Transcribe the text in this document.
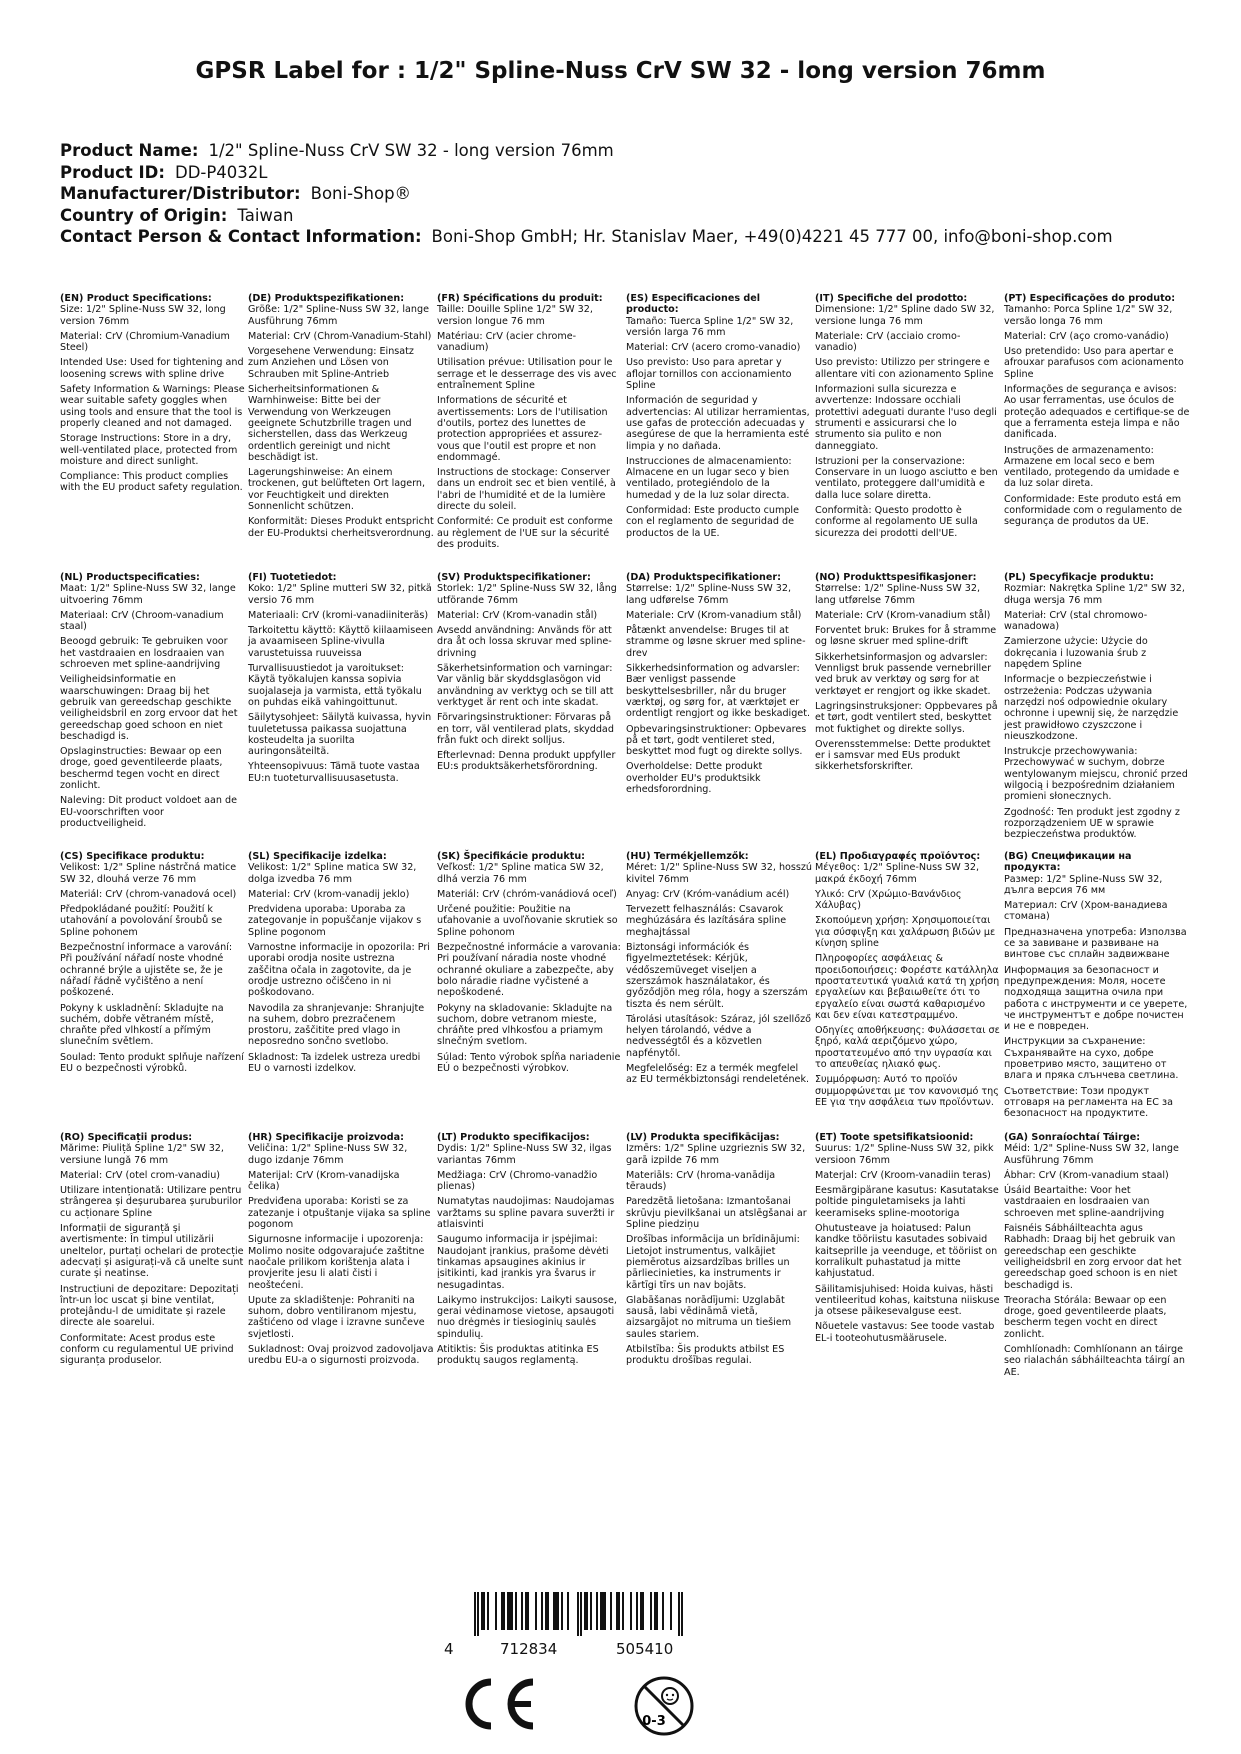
GPSR Label for : 1/2" Spline-Nuss CrV SW 32 - long version 76mm
Product Name: 1/2" Spline-Nuss CrV SW 32 - long version 76mm
Product ID: DD-P4032L
Manufacturer/Distributor: Boni-Shop®
Country of Origin: Taiwan
Contact Person & Contact Information: Boni-Shop GmbH; Hr. Stanislav Maer, +49(0)4221 45 777 00, info@boni-shop.com

(EN) Product Specifications:

Size: 1/2" Spline-Nuss SW 32, long version 76mm

Material: CrV (Chromium-Vanadium Steel)

Intended Use: Used for tightening and loosening screws with spline drive

Safety Information & Warnings: Please wear suitable safety goggles when using tools and ensure that the tool is properly cleaned and not damaged.

Storage Instructions: Store in a dry, well-ventilated place, protected from moisture and direct sunlight.

Compliance: This product complies with the EU product safety regulation.

(DE) Produktspezifikationen:

Größe: 1/2" Spline-Nuss SW 32, lange Ausführung 76mm

Material: CrV (Chrom-Vanadium-Stahl)

Vorgesehene Verwendung: Einsatz zum Anziehen und Lösen von Schrauben mit Spline-Antrieb

Sicherheitsinformationen & Warnhinweise: Bitte bei der Verwendung von Werkzeugen geeignete Schutzbrille tragen und sicherstellen, dass das Werkzeug ordentlich gereinigt und nicht beschädigt ist.

Lagerungshinweise: An einem trockenen, gut belüfteten Ort lagern, vor Feuchtigkeit und direkten Sonnenlicht schützen.

Konformität: Dieses Produkt entspricht der EU-Produktsi cherheitsverordnung.

(FR) Spécifications du produit:

Taille: Douille Spline 1/2" SW 32, version longue 76 mm

Matériau: CrV (acier chrome-vanadium)

Utilisation prévue: Utilisation pour le serrage et le desserrage des vis avec entraînement Spline

Informations de sécurité et avertissements: Lors de l'utilisation d'outils, portez des lunettes de protection appropriées et assurez-vous que l'outil est propre et non endommagé.

Instructions de stockage: Conserver dans un endroit sec et bien ventilé, à l'abri de l'humidité et de la lumière directe du soleil.

Conformité: Ce produit est conforme au règlement de l'UE sur la sécurité des produits.

(ES) Especificaciones del producto:

Tamaño: Tuerca Spline 1/2" SW 32, versión larga 76 mm

Material: CrV (acero cromo-vanadio)

Uso previsto: Uso para apretar y aflojar tornillos con accionamiento Spline

Información de seguridad y advertencias: Al utilizar herramientas, use gafas de protección adecuadas y asegúrese de que la herramienta esté limpia y no dañada.

Instrucciones de almacenamiento: Almacene en un lugar seco y bien ventilado, protegiéndolo de la humedad y de la luz solar directa.

Conformidad: Este producto cumple con el reglamento de seguridad de productos de la UE.

(IT) Specifiche del prodotto:

Dimensione: 1/2" Spline dado SW 32, versione lunga 76 mm

Materiale: CrV (acciaio cromo-vanadio)

Uso previsto: Utilizzo per stringere e allentare viti con azionamento Spline

Informazioni sulla sicurezza e avvertenze: Indossare occhiali protettivi adeguati durante l'uso degli strumenti e assicurarsi che lo strumento sia pulito e non danneggiato.

Istruzioni per la conservazione: Conservare in un luogo asciutto e ben ventilato, proteggere dall'umidità e dalla luce solare diretta.

Conformità: Questo prodotto è conforme al regolamento UE sulla sicurezza dei prodotti dell'UE.

(PT) Especificações do produto:

Tamanho: Porca Spline 1/2" SW 32, versão longa 76 mm

Material: CrV (aço cromo-vanádio)

Uso pretendido: Uso para apertar e afrouxar parafusos com acionamento Spline

Informações de segurança e avisos: Ao usar ferramentas, use óculos de proteção adequados e certifique-se de que a ferramenta esteja limpa e não danificada.

Instruções de armazenamento: Armazene em local seco e bem ventilado, protegendo da umidade e da luz solar direta.

Conformidade: Este produto está em conformidade com o regulamento de segurança de produtos da UE.

(NL) Productspecificaties:

Maat: 1/2" Spline-Nuss SW 32, lange uitvoering 76mm

Materiaal: CrV (Chroom-vanadium staal)

Beoogd gebruik: Te gebruiken voor het vastdraaien en losdraaien van schroeven met spline-aandrijving

Veiligheidsinformatie en waarschuwingen: Draag bij het gebruik van gereedschap geschikte veiligheidsbril en zorg ervoor dat het gereedschap goed schoon en niet beschadigd is.

Opslaginstructies: Bewaar op een droge, goed geventileerde plaats, beschermd tegen vocht en direct zonlicht.

Naleving: Dit product voldoet aan de EU-voorschriften voor productveiligheid.

(FI) Tuotetiedot:

Koko: 1/2" Spline mutteri SW 32, pitkä versio 76 mm

Materiaali: CrV (kromi-vanadiiniteräs)

Tarkoitettu käyttö: Käyttö kiilaamiseen ja avaamiseen Spline-vivulla varustetuissa ruuveissa

Turvallisuustiedot ja varoitukset: Käytä työkalujen kanssa sopivia suojalaseja ja varmista, että työkalu on puhdas eikä vahingoittunut.

Säilytysohjeet: Säilytä kuivassa, hyvin tuuletetussa paikassa suojattuna kosteudelta ja suorilta auringonsäteiltä.

Yhteensopivuus: Tämä tuote vastaa EU:n tuoteturvallisuusasetusta.

(SV) Produktspecifikationer:

Storlek: 1/2" Spline-Nuss SW 32, lång utförande 76mm

Material: CrV (Krom-vanadin stål)

Avsedd användning: Används för att dra åt och lossa skruvar med spline-drivning

Säkerhetsinformation och varningar: Var vänlig bär skyddsglasögon vid användning av verktyg och se till att verktyget är rent och inte skadat.

Förvaringsinstruktioner: Förvaras på en torr, väl ventilerad plats, skyddad från fukt och direkt solljus.

Efterlevnad: Denna produkt uppfyller EU:s produktsäkerhetsförordning.

(DA) Produktspecifikationer:

Størrelse: 1/2" Spline-Nuss SW 32, lang udførelse 76mm

Materiale: CrV (Krom-vanadium stål)

Påtænkt anvendelse: Bruges til at stramme og løsne skruer med spline-drev

Sikkerhedsinformation og advarsler: Bær venligst passende beskyttelsesbriller, når du bruger værktøj, og sørg for, at værktøjet er ordentligt rengjort og ikke beskadiget.

Opbevaringsinstruktioner: Opbevares på et tørt, godt ventileret sted, beskyttet mod fugt og direkte sollys.

Overholdelse: Dette produkt overholder EU's produktsikk erhedsforordning.

(NO) Produkttspesifikasjoner:

Størrelse: 1/2" Spline-Nuss SW 32, lang utførelse 76mm

Materiale: CrV (Krom-vanadium stål)

Forventet bruk: Brukes for å stramme og løsne skruer med spline-drift

Sikkerhetsinformasjon og advarsler: Vennligst bruk passende vernebriller ved bruk av verktøy og sørg for at verktøyet er rengjort og ikke skadet.

Lagringsinstruksjoner: Oppbevares på et tørt, godt ventilert sted, beskyttet mot fuktighet og direkte sollys.

Overensstemmelse: Dette produktet er i samsvar med EUs produkt sikkerhetsforskrifter.

(PL) Specyfikacje produktu:

Rozmiar: Nakrętka Spline 1/2" SW 32, długa wersja 76 mm

Materiał: CrV (stal chromowo-wanadowa)

Zamierzone użycie: Użycie do dokręcania i luzowania śrub z napędem Spline

Informacje o bezpieczeństwie i ostrzeżenia: Podczas używania narzędzi noś odpowiednie okulary ochronne i upewnij się, że narzędzie jest prawidłowo czyszczone i nieuszkodzone.

Instrukcje przechowywania: Przechowywać w suchym, dobrze wentylowanym miejscu, chronić przed wilgocią i bezpośrednim działaniem promieni słonecznych.

Zgodność: Ten produkt jest zgodny z rozporządzeniem UE w sprawie bezpieczeństwa produktów.

(CS) Specifikace produktu:

Velikost: 1/2" Spline nástrčná matice SW 32, dlouhá verze 76 mm

Materiál: CrV (chrom-vanadová ocel)

Předpokládané použití: Použití k utahování a povolování šroubů se Spline pohonem

Bezpečnostní informace a varování: Při používání nářadí noste vhodné ochranné brýle a ujistěte se, že je nářadí řádně vyčištěno a není poškozené.

Pokyny k uskladnění: Skladujte na suchém, dobře větraném místě, chraňte před vlhkostí a přímým slunečním světlem.

Soulad: Tento produkt splňuje nařízení EU o bezpečnosti výrobků.

(SL) Specifikacije izdelka:

Velikost: 1/2" Spline matica SW 32, dolga izvedba 76 mm

Material: CrV (krom-vanadij jeklo)

Predvidena uporaba: Uporaba za zategovanje in popuščanje vijakov s Spline pogonom

Varnostne informacije in opozorila: Pri uporabi orodja nosite ustrezna zaščitna očala in zagotovite, da je orodje ustrezno očiščeno in ni poškodovano.

Navodila za shranjevanje: Shranjujte na suhem, dobro prezračenem prostoru, zaščitite pred vlago in neposredno sončno svetlobo.

Skladnost: Ta izdelek ustreza uredbi EU o varnosti izdelkov.

(SK) Špecifikácie produktu:

Veľkosť: 1/2" Spline matica SW 32, dlhá verzia 76 mm

Materiál: CrV (chróm-vanádiová oceľ)

Určené použitie: Použitie na uťahovanie a uvoľňovanie skrutiek so Spline pohonom

Bezpečnostné informácie a varovania: Pri používaní náradia noste vhodné ochranné okuliare a zabezpečte, aby bolo náradie riadne vyčistené a nepoškodené.

Pokyny na skladovanie: Skladujte na suchom, dobre vetranom mieste, chráňte pred vlhkosťou a priamym slnečným svetlom.

Súlad: Tento výrobok spĺňa nariadenie EÚ o bezpečnosti výrobkov.

(HU) Termékjellemzők:

Méret: 1/2" Spline-Nuss SW 32, hosszú kivitel 76mm

Anyag: CrV (Króm-vanádium acél)

Tervezett felhasználás: Csavarok meghúzására és lazítására spline meghajtással

Biztonsági információk és figyelmeztetések: Kérjük, védőszemüveget viseljen a szerszámok használatakor, és győződjön meg róla, hogy a szerszám tiszta és nem sérült.

Tárolási utasítások: Száraz, jól szellőző helyen tárolandó, védve a nedvességtől és a közvetlen napfénytől.

Megfelelőség: Ez a termék megfelel az EU termékbiztonsági rendeletének.

(EL) Προδιαγραφές προϊόντος:

Μέγεθος: 1/2" Spline-Nuss SW 32, μακρά έκδοχή 76mm

Υλικό: CrV (Χρώμιο-Βανάνδιος Χάλυβας)

Σκοπούμενη χρήση: Χρησιμοποιείται για σύσφιγξη και χαλάρωση βιδών με κίνηση spline

Πληροφορίες ασφάλειας & προειδοποιήσεις: Φορέστε κατάλληλα προστατευτικά γυαλιά κατά τη χρήση εργαλείων και βεβαιωθείτε ότι το εργαλείο είναι σωστά καθαρισμένο και δεν είναι κατεστραμμένο.

Οδηγίες αποθήκευσης: Φυλάσσεται σε ξηρό, καλά αεριζόμενο χώρο, προστατευμένο από την υγρασία και το απευθείας ηλιακό φως.

Συμμόρφωση: Αυτό το προϊόν συμμορφώνεται με τον κανονισμό της ΕΕ για την ασφάλεια των προϊόντων.

(BG) Спецификации на продукта:

Размер: 1/2" Spline-Nuss SW 32, дълга версия 76 мм

Материал: CrV (Хром-ванадиева стомана)

Предназначена употреба: Използва се за завиване и развиване на винтове със сплайн задвижване

Информация за безопасност и предупреждения: Моля, носете подходяща защитна очила при работа с инструменти и се уверете, че инструментът е добре почистен и не е повреден.

Инструкции за съхранение: Съхранявайте на сухо, добре проветриво място, защитено от влага и пряка слънчева светлина.

Съответствие: Този продукт отговаря на регламента на ЕС за безопасност на продуктите.

(RO) Specificații produs:

Mărime: Piuliță Spline 1/2" SW 32, versiune lungă 76 mm

Material: CrV (otel crom-vanadiu)

Utilizare intenționată: Utilizare pentru strângerea și deșurubarea șuruburilor cu acționare Spline

Informații de siguranță și avertismente: În timpul utilizării uneltelor, purtați ochelari de protecție adecvați și asigurați-vă că unelte sunt curate și neatinse.

Instrucțiuni de depozitare: Depozitați într-un loc uscat și bine ventilat, protejându-l de umiditate și razele directe ale soarelui.

Conformitate: Acest produs este conform cu regulamentul UE privind siguranța produselor.

(HR) Specifikacije proizvoda:

Veličina: 1/2" Spline-Nuss SW 32, dugo izdanje 76mm

Materijal: CrV (Krom-vanadijska čelika)

Predviđena uporaba: Koristi se za zatezanje i otpuštanje vijaka sa spline pogonom

Sigurnosne informacije i upozorenja: Molimo nosite odgovarajuće zaštitne naočale prilikom korištenja alata i provjerite jesu li alati čisti i neoštećeni.

Upute za skladištenje: Pohraniti na suhom, dobro ventiliranom mjestu, zaštićeno od vlage i izravne sunčeve svjetlosti.

Sukladnost: Ovaj proizvod zadovoljava uredbu EU-a o sigurnosti proizvoda.

(LT) Produkto specifikacijos:

Dydis: 1/2" Spline-Nuss SW 32, ilgas variantas 76mm

Medžiaga: CrV (Chromo-vanadžio plienas)

Numatytas naudojimas: Naudojamas varžtams su spline pavara suveržti ir atlaisvinti

Saugumo informacija ir įspėjimai: Naudojant įrankius, prašome dėvėti tinkamas apsaugines akinius ir įsitikinti, kad įrankis yra švarus ir nesugadintas.

Laikymo instrukcijos: Laikyti sausose, gerai vėdinamose vietose, apsaugoti nuo drėgmės ir tiesioginių saulės spindulių.

Atitiktis: Šis produktas atitinka ES produktų saugos reglamentą.

(LV) Produkta specifikācijas:

Izmērs: 1/2" Spline uzgrieznis SW 32, garā izpilde 76 mm

Materiāls: CrV (hroma-vanādija tērauds)

Paredzētā lietošana: Izmantošanai skrūvju pievilkšanai un atslēgšanai ar Spline piedziņu

Drošības informācija un brīdinājumi: Lietojot instrumentus, valkājiet piemērotus aizsardzības brilles un pārliecinieties, ka instruments ir kārtīgi tīrs un nav bojāts.

Glabāšanas norādījumi: Uzglabāt sausā, labi vēdināmā vietā, aizsargājot no mitruma un tiešiem saules stariem.

Atbilstība: Šis produkts atbilst ES produktu drošības regulai.

(ET) Toote spetsifikatsioonid:

Suurus: 1/2" Spline-Nuss SW 32, pikk versioon 76mm

Materjal: CrV (Kroom-vanadiin teras)

Eesmärgipärane kasutus: Kasutatakse poltide pinguletamiseks ja lahti keeramiseks spline-mootoriga

Ohutusteave ja hoiatused: Palun kandke tööriistu kasutades sobivaid kaitseprille ja veenduge, et tööriist on korralikult puhastatud ja mitte kahjustatud.

Säilitamisjuhised: Hoida kuivas, hästi ventileeritud kohas, kaitstuna niiskuse ja otsese päikesevalguse eest.

Nõuetele vastavus: See toode vastab EL-i tooteohutusmäärusele.

(GA) Sonraíochtaí Táirge:

Méid: 1/2" Spline-Nuss SW 32, lange Ausführung 76mm

Ábhar: CrV (Krom-vanadium staal)

Úsáid Beartaithe: Voor het vastdraaien en losdraaien van schroeven met spline-aandrijving

Faisnéis Sábháilteachta agus Rabhadh: Draag bij het gebruik van gereedschap een geschikte veiligheidsbril en zorg ervoor dat het gereedschap goed schoon is en niet beschadigd is.

Treoracha Stórála: Bewaar op een droge, goed geventileerde plaats, bescherm tegen vocht en direct zonlicht.

Comhlíonadh: Comhlíonann an táirge seo rialachán sábháilteachta táirgí an AE.

4	712834	505410
0-3
